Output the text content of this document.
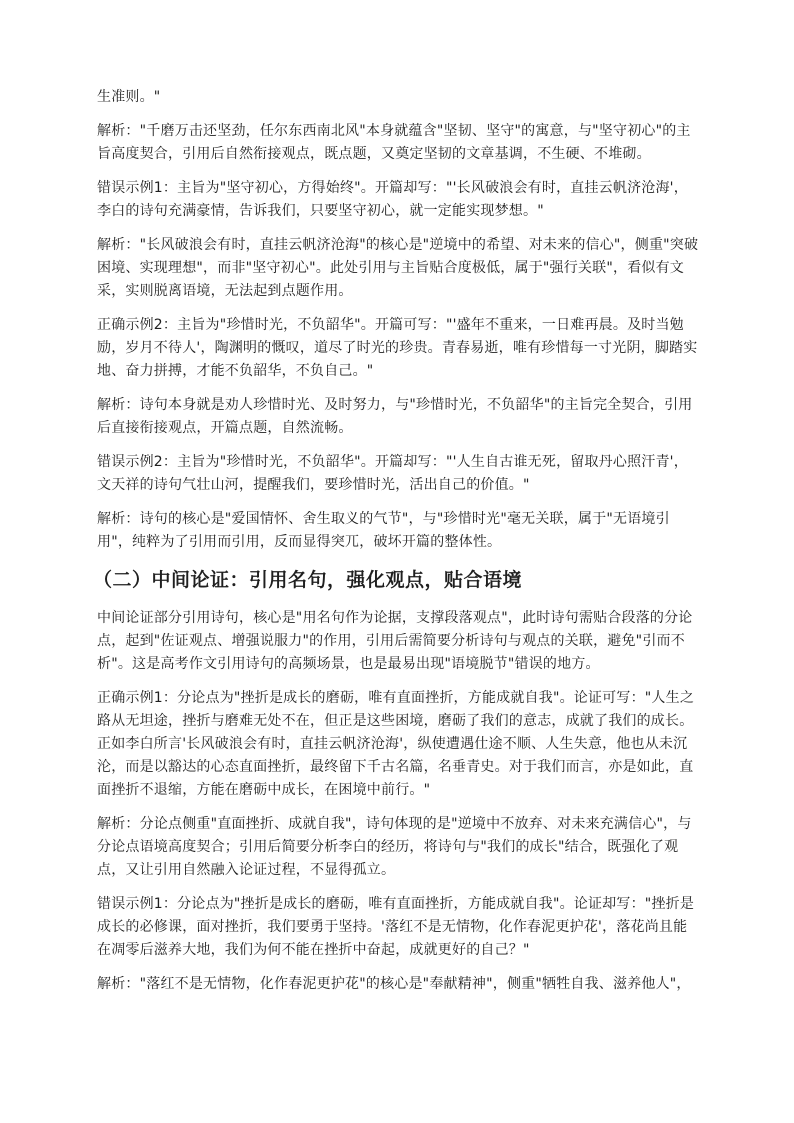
生准则。"

解析："千磨万击还坚劲，任尔东西南北风"本身就蕴含"坚韧、坚守"的寓意，与"坚守初心"的主旨高度契合，引用后自然衔接观点，既点题，又奠定坚韧的文章基调，不生硬、不堆砌。

错误示例1：主旨为"坚守初心，方得始终"。开篇却写："'长风破浪会有时，直挂云帆济沧海'，李白的诗句充满豪情，告诉我们，只要坚守初心，就一定能实现梦想。"

解析："长风破浪会有时，直挂云帆济沧海"的核心是"逆境中的希望、对未来的信心"，侧重"突破困境、实现理想"，而非"坚守初心"。此处引用与主旨贴合度极低，属于"强行关联"，看似有文采，实则脱离语境，无法起到点题作用。

正确示例2：主旨为"珍惜时光，不负韶华"。开篇可写："'盛年不重来，一日难再晨。及时当勉励，岁月不待人'，陶渊明的慨叹，道尽了时光的珍贵。青春易逝，唯有珍惜每一寸光阴，脚踏实地、奋力拼搏，才能不负韶华，不负自己。"

解析：诗句本身就是劝人珍惜时光、及时努力，与"珍惜时光，不负韶华"的主旨完全契合，引用后直接衔接观点，开篇点题，自然流畅。

错误示例2：主旨为"珍惜时光，不负韶华"。开篇却写："'人生自古谁无死，留取丹心照汗青'，文天祥的诗句气壮山河，提醒我们，要珍惜时光，活出自己的价值。"

解析：诗句的核心是"爱国情怀、舍生取义的气节"，与"珍惜时光"毫无关联，属于"无语境引用"，纯粹为了引用而引用，反而显得突兀，破坏开篇的整体性。

（二）中间论证：引用名句，强化观点，贴合语境

中间论证部分引用诗句，核心是"用名句作为论据，支撑段落观点"，此时诗句需贴合段落的分论点，起到"佐证观点、增强说服力"的作用，引用后需简要分析诗句与观点的关联，避免"引而不析"。这是高考作文引用诗句的高频场景，也是最易出现"语境脱节"错误的地方。

正确示例1：分论点为"挫折是成长的磨砺，唯有直面挫折，方能成就自我"。论证可写："人生之路从无坦途，挫折与磨难无处不在，但正是这些困境，磨砺了我们的意志，成就了我们的成长。正如李白所言'长风破浪会有时，直挂云帆济沧海'，纵使遭遇仕途不顺、人生失意，他也从未沉沦，而是以豁达的心态直面挫折，最终留下千古名篇，名垂青史。对于我们而言，亦是如此，直面挫折不退缩，方能在磨砺中成长，在困境中前行。"

解析：分论点侧重"直面挫折、成就自我"，诗句体现的是"逆境中不放弃、对未来充满信心"，与分论点语境高度契合；引用后简要分析李白的经历，将诗句与"我们的成长"结合，既强化了观点，又让引用自然融入论证过程，不显得孤立。

错误示例1：分论点为"挫折是成长的磨砺，唯有直面挫折，方能成就自我"。论证却写："挫折是成长的必修课，面对挫折，我们要勇于坚持。'落红不是无情物，化作春泥更护花'，落花尚且能在凋零后滋养大地，我们为何不能在挫折中奋起，成就更好的自己？"

解析："落红不是无情物，化作春泥更护花"的核心是"奉献精神"，侧重"牺牲自我、滋养他人"，
